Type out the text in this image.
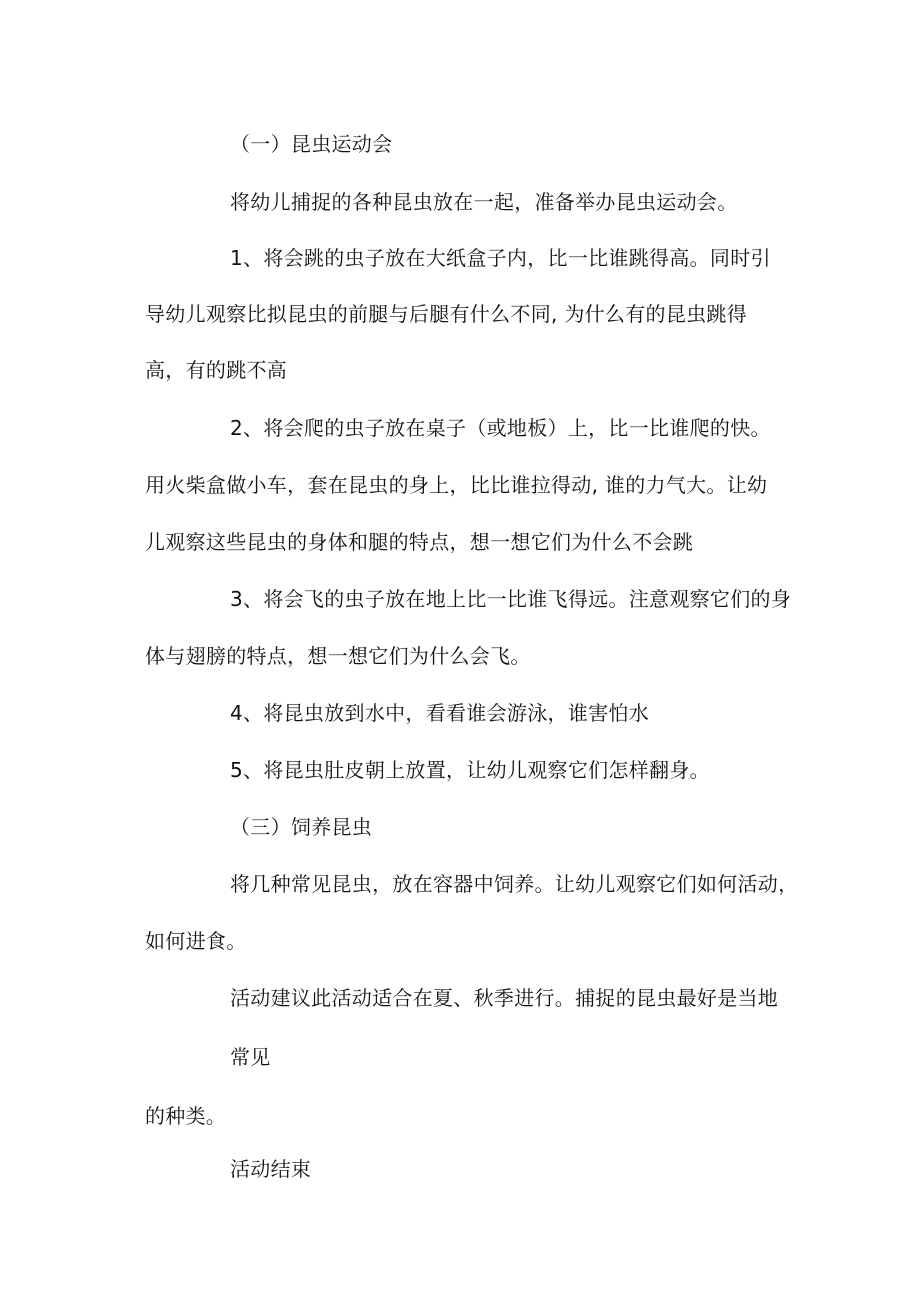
（一）昆虫运动会
将幼儿捕捉的各种昆虫放在一起，准备举办昆虫运动会。
1、将会跳的虫子放在大纸盒子内，比一比谁跳得高。同时引
导幼儿观察比拟昆虫的前腿与后腿有什么不同, 为什么有的昆虫跳得
高，有的跳不高
2、将会爬的虫子放在桌子（或地板）上，比一比谁爬的快。
用火柴盒做小车，套在昆虫的身上，比比谁拉得动, 谁的力气大。让幼
儿观察这些昆虫的身体和腿的特点，想一想它们为什么不会跳
3、将会飞的虫子放在地上比一比谁飞得远。注意观察它们的身
体与翅膀的特点，想一想它们为什么会飞。
4、将昆虫放到水中，看看谁会游泳，谁害怕水
5、将昆虫肚皮朝上放置，让幼儿观察它们怎样翻身。
（三）饲养昆虫
将几种常见昆虫，放在容器中饲养。让幼儿观察它们如何活动，
如何进食。
活动建议此活动适合在夏、秋季进行。捕捉的昆虫最好是当地
常见
的种类。
活动结束
